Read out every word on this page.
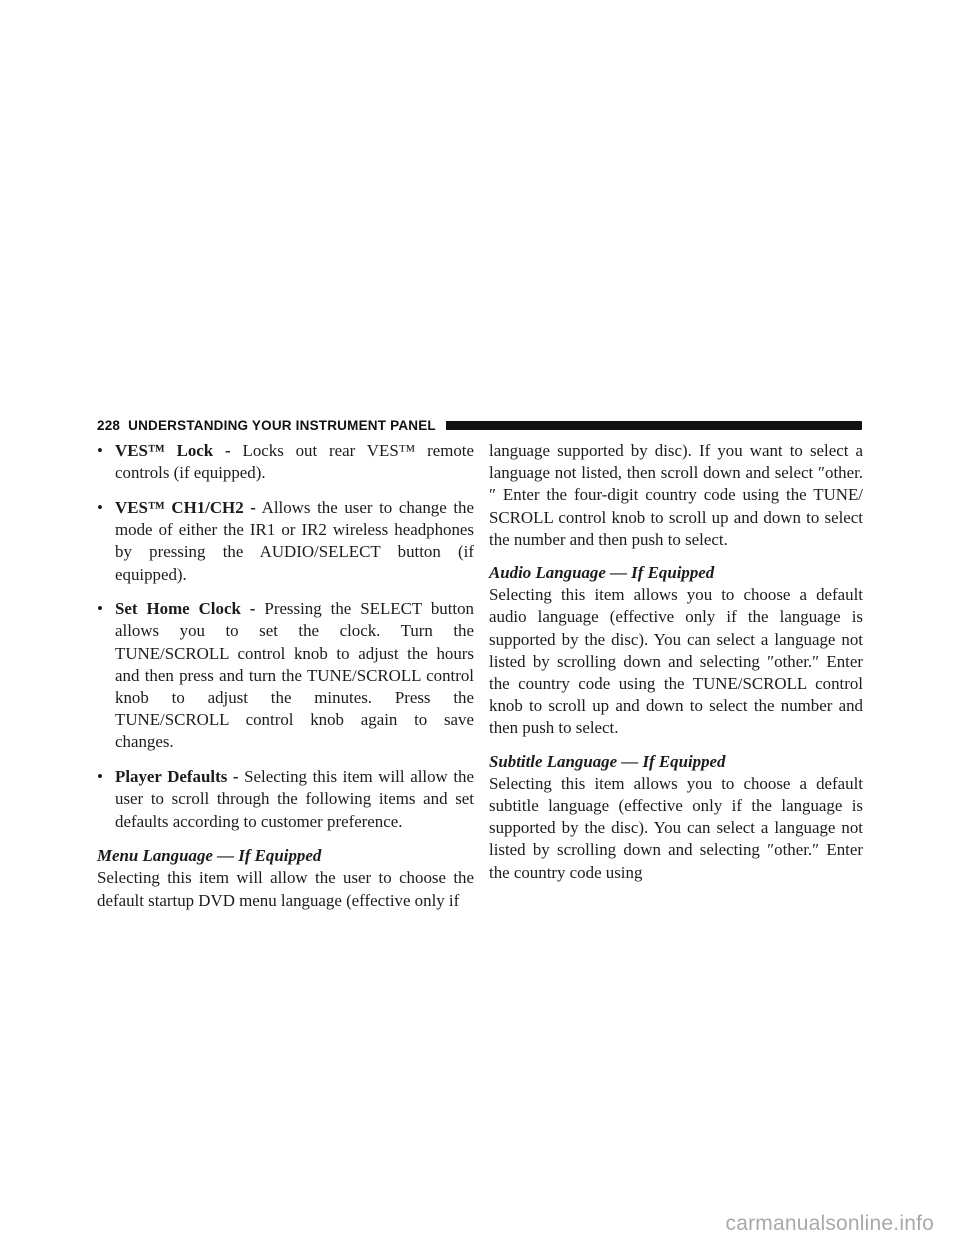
228 UNDERSTANDING YOUR INSTRUMENT PANEL
• VES™ Lock - Locks out rear VES™ remote controls (if equipped).
• VES™ CH1/CH2 - Allows the user to change the mode of either the IR1 or IR2 wireless headphones by pressing the AUDIO/SELECT button (if equipped).
• Set Home Clock - Pressing the SELECT button allows you to set the clock. Turn the TUNE/SCROLL control knob to adjust the hours and then press and turn the TUNE/SCROLL control knob to adjust the minutes. Press the TUNE/SCROLL control knob again to save changes.
• Player Defaults - Selecting this item will allow the user to scroll through the following items and set defaults according to customer preference.

Menu Language — If Equipped

Selecting this item will allow the user to choose the default startup DVD menu language (effective only if

language supported by disc). If you want to select a language not listed, then scroll down and select ″other.″ Enter the four-digit country code using the TUNE/ SCROLL control knob to scroll up and down to select the number and then push to select.

Audio Language — If Equipped

Selecting this item allows you to choose a default audio language (effective only if the language is supported by the disc). You can select a language not listed by scrolling down and selecting ″other.″ Enter the country code using the TUNE/SCROLL control knob to scroll up and down to select the number and then push to select.

Subtitle Language — If Equipped

Selecting this item allows you to choose a default subtitle language (effective only if the language is supported by the disc). You can select a language not listed by scrolling down and selecting ″other.″ Enter the country code using

carmanualsonline.info
